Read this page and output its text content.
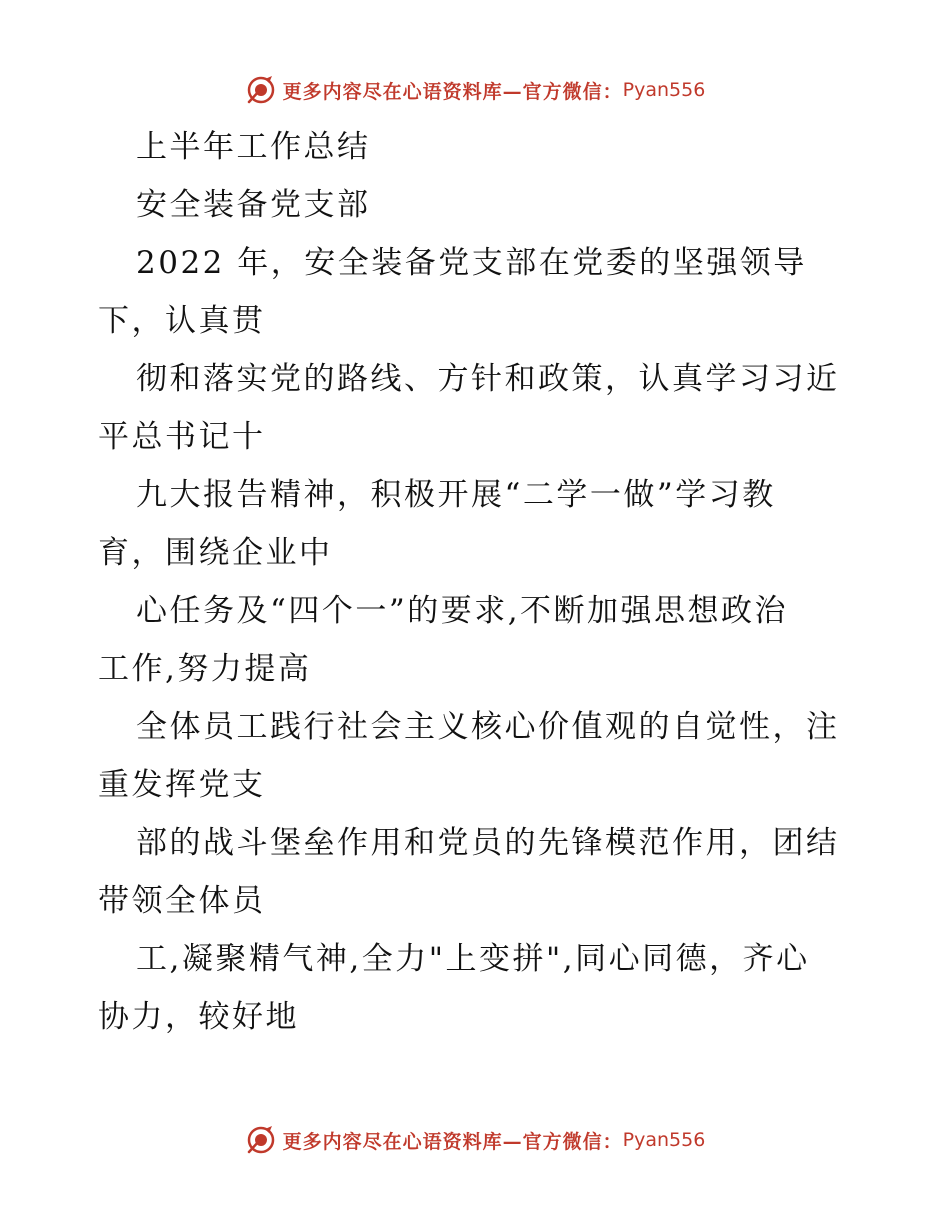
更多内容尽在心语资料库—官方微信： Pyan556
上半年工作总结
安全装备党支部
2022 年，安全装备党支部在党委的坚强领导
下，认真贯
彻和落实党的路线、方针和政策，认真学习习近
平总书记十
九大报告精神，积极开展“二学一做”学习教
育，围绕企业中
心任务及“四个一”的要求,不断加强思想政治
工作,努力提高
全体员工践行社会主义核心价值观的自觉性，注
重发挥党支
部的战斗堡垒作用和党员的先锋模范作用，团结
带领全体员
工,凝聚精气神,全力"上变拼",同心同德，齐心
协力，较好地
更多内容尽在心语资料库—官方微信： Pyan556
